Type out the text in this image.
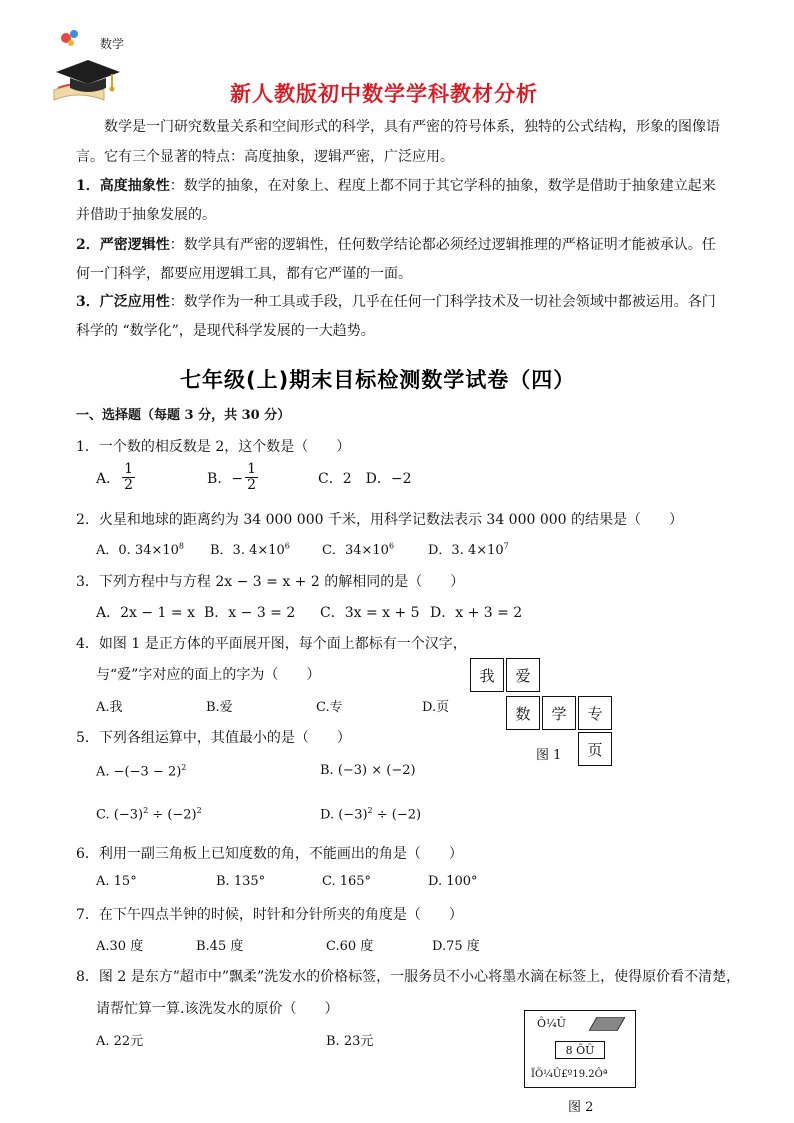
数学
新人教版初中数学学科教材分析
数学是一门研究数量关系和空间形式的科学，具有严密的符号体系，独特的公式结构，形象的图像语
言。它有三个显著的特点：高度抽象，逻辑严密，广泛应用。
1．高度抽象性：数学的抽象，在对象上、程度上都不同于其它学科的抽象，数学是借助于抽象建立起来
并借助于抽象发展的。
2．严密逻辑性：数学具有严密的逻辑性，任何数学结论都必须经过逻辑推理的严格证明才能被承认。任
何一门科学，都要应用逻辑工具，都有它严谨的一面。
3．广泛应用性：数学作为一种工具或手段，几乎在任何一门科学技术及一切社会领域中都被运用。各门
科学的 “数学化”，是现代科学发展的一大趋势。
七年级(上)期末目标检测数学试卷（四）
一、选择题（每题 3 分，共 30 分）
1．一个数的相反数是 2，这个数是（　　）
A． $\frac{1}{2}$	B．− $\frac{1}{2}$	C．2　D．−2
2．火星和地球的距离约为 34 000 000 千米，用科学记数法表示 34 000 000 的结果是（　　）
A．0. $34\times 10^8$ B．3. $4\times 10^6$ C．$34\times 10^6$	D．3. $4\times 10^7$
3．下列方程中与方程 2x − 3 = x + 2 的解相同的是（　　）
A．2x − 1 = x B．x − 3 = 2 C．3x = x + 5 D．x + 3 = 2
4．如图 1 是正方体的平面展开图，每个面上都标有一个汉字，
与“爱”字对应的面上的字为（　　）
A.我	B.爱	C.专	D.页
我	爱
数	学	专
页
图 1
5．下列各组运算中，其值最小的是（　　）
A. $-(-3 - 2)^2$	B. (−3) × (−2)
C. $(-3)^2 \div (-2)^2$	D. $(-3)^2 \div (-2)$
6．利用一副三角板上已知度数的角，不能画出的角是（　　）
A. 15°	B. 135°	C. 165°	D. 100°
7．在下午四点半钟的时候，时针和分针所夹的角度是（　　）
A.30 度	B.45 度	C.60 度	D.75 度
8．图 2 是东方”超市中”飘柔”洗发水的价格标签，一服务员不小心将墨水滴在标签上，使得原价看不清楚，
请帮忙算一算.该洗发水的原价（　　）
A. 22元	B. 23元
Ô¼Û
8 ÕÛ
ÏÖ¼Û£º19.2Ôª
图 2
